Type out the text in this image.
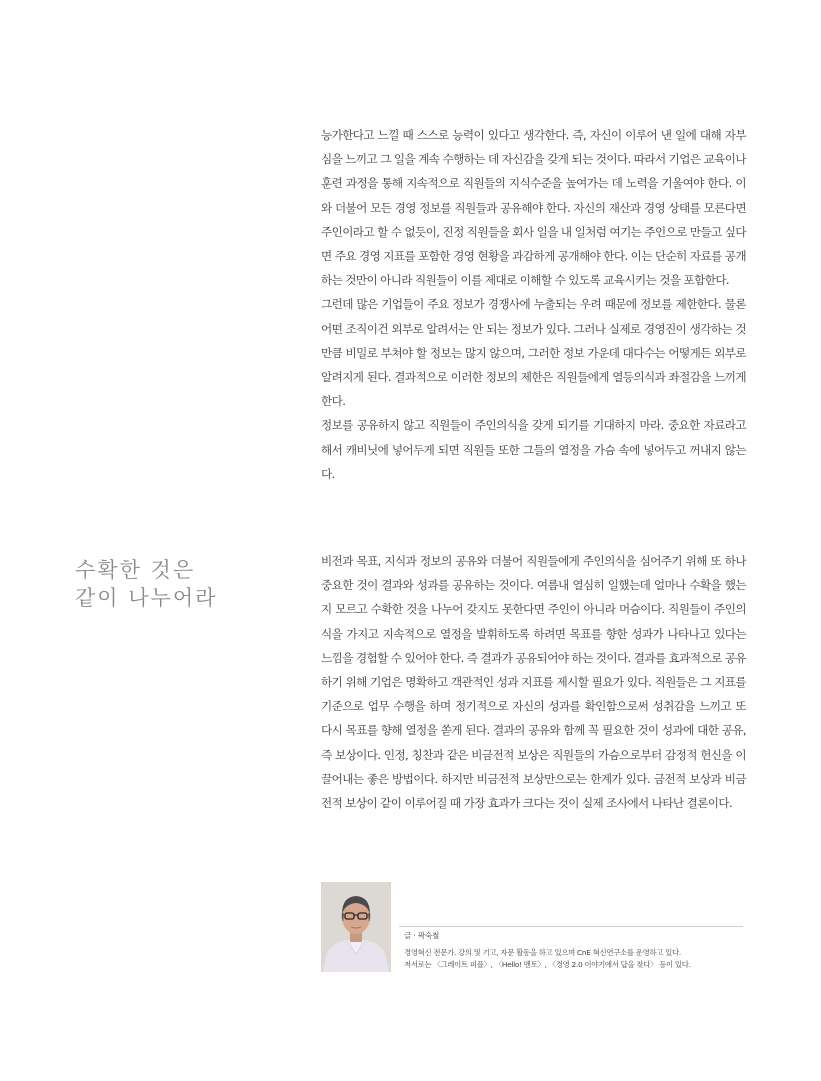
능가한다고 느낄 때 스스로 능력이 있다고 생각한다. 즉, 자신이 이루어 낸 일에 대해 자부심을 느끼고 그 일을 계속 수행하는 데 자신감을 갖게 되는 것이다. 따라서 기업은 교육이나 훈련 과정을 통해 지속적으로 직원들의 지식수준을 높여가는 데 노력을 기울여야 한다. 이와 더불어 모든 경영 정보를 직원들과 공유해야 한다. 자신의 재산과 경영 상태를 모른다면 주인이라고 할 수 없듯이, 진정 직원들을 회사 일을 내 일처럼 여기는 주인으로 만들고 싶다면 주요 경영 지표를 포함한 경영 현황을 과감하게 공개해야 한다. 이는 단순히 자료를 공개하는 것만이 아니라 직원들이 이를 제대로 이해할 수 있도록 교육시키는 것을 포함한다.

그런데 많은 기업들이 주요 정보가 경쟁사에 누출되는 우려 때문에 정보를 제한한다. 물론 어떤 조직이건 외부로 알려서는 안 되는 정보가 있다. 그러나 실제로 경영진이 생각하는 것만큼 비밀로 부쳐야 할 정보는 많지 않으며, 그러한 정보 가운데 대다수는 어떻게든 외부로 알려지게 된다. 결과적으로 이러한 정보의 제한은 직원들에게 열등의식과 좌절감을 느끼게 한다.

정보를 공유하지 않고 직원들이 주인의식을 갖게 되기를 기대하지 마라. 중요한 자료라고 해서 캐비닛에 넣어두게 되면 직원들 또한 그들의 열정을 가슴 속에 넣어두고 꺼내지 않는다.

수확한 것은
같이 나누어라

비전과 목표, 지식과 정보의 공유와 더불어 직원들에게 주인의식을 심어주기 위해 또 하나 중요한 것이 결과와 성과를 공유하는 것이다. 여름내 열심히 일했는데 얼마나 수확을 했는지 모르고 수확한 것을 나누어 갖지도 못한다면 주인이 아니라 머슴이다. 직원들이 주인의식을 가지고 지속적으로 열정을 발휘하도록 하려면 목표를 향한 성과가 나타나고 있다는 느낌을 경험할 수 있어야 한다. 즉 결과가 공유되어야 하는 것이다. 결과를 효과적으로 공유하기 위해 기업은 명확하고 객관적인 성과 지표를 제시할 필요가 있다. 직원들은 그 지표를 기준으로 업무 수행을 하며 정기적으로 자신의 성과를 확인함으로써 성취감을 느끼고 또 다시 목표를 향해 열정을 쏟게 된다. 결과의 공유와 함께 꼭 필요한 것이 성과에 대한 공유, 즉 보상이다. 인정, 칭찬과 같은 비금전적 보상은 직원들의 가슴으로부터 감정적 헌신을 이끌어내는 좋은 방법이다. 하지만 비금전적 보상만으로는 한계가 있다. 금전적 보상과 비금전적 보상이 같이 이루어질 때 가장 효과가 크다는 것이 실제 조사에서 나타난 결론이다.

글 · 곽숙철
경영혁신 전문가. 강의 및 기고, 자문 활동을 하고 있으며 CnE 혁신연구소를 운영하고 있다.
저서로는 〈그레이트 피플〉, 〈Hello! 멘토〉, 〈경영 2.0 이야기에서 답을 찾다〉 등이 있다.
